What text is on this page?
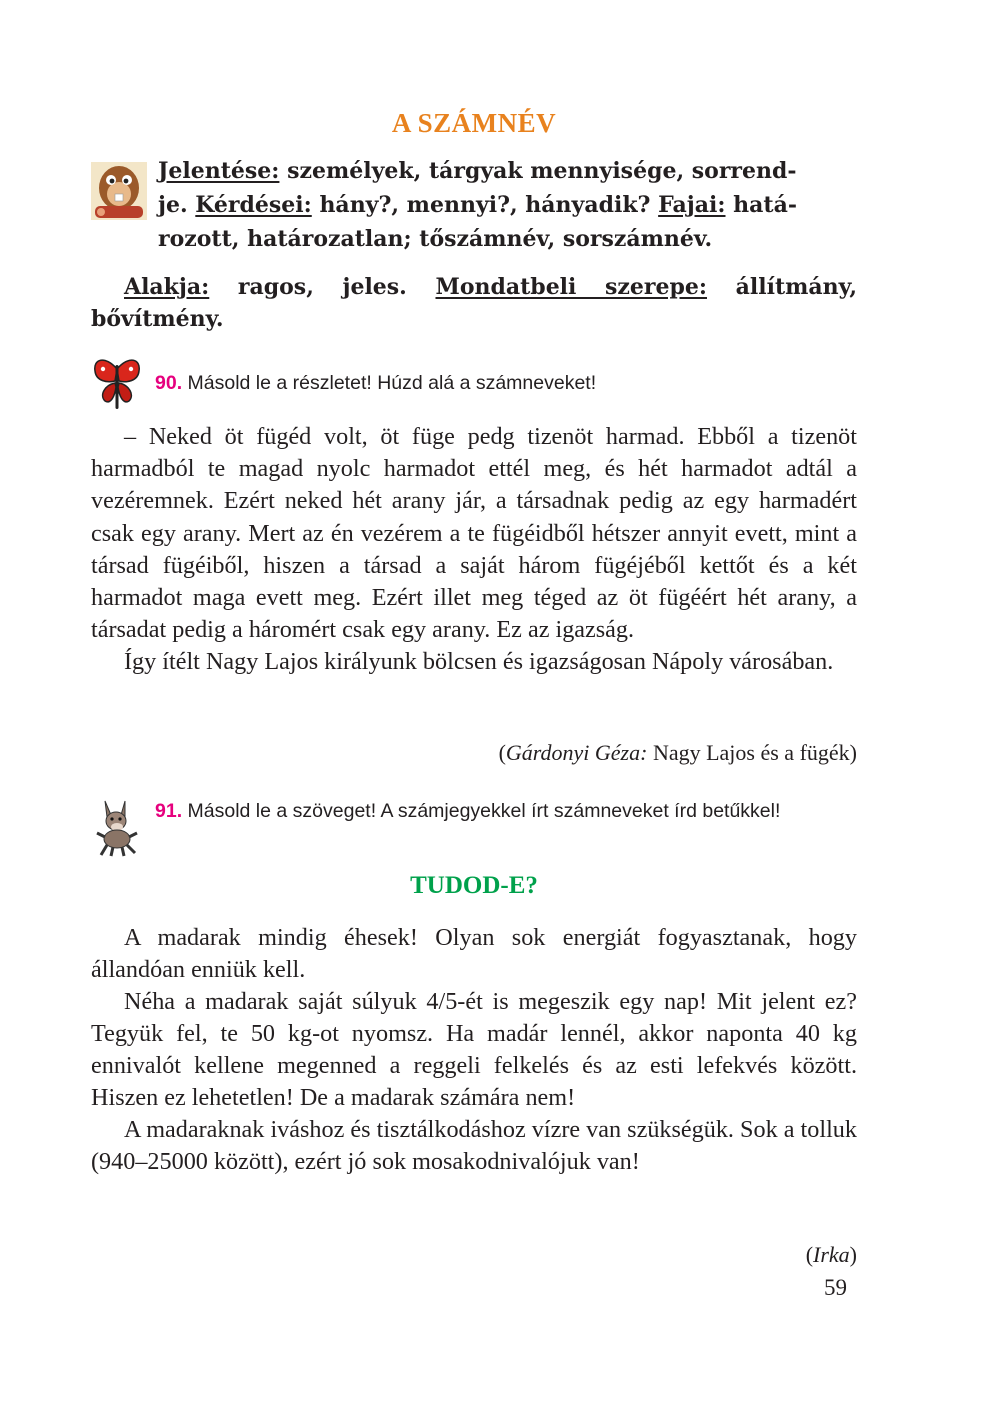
A SZÁMNÉV
Jelentése: személyek, tárgyak mennyisége, sorrend-
je. Kérdései: hány?, mennyi?, hányadik? Fajai: hatá-
rozott, határozatlan; tőszámnév, sorszámnév.
Alakja: ragos, jeles. Mondatbeli szerepe: állítmány, bővítmény.
90. Másold le a részletet! Húzd alá a számneveket!

– Neked öt fügéd volt, öt füge pedg tizenöt harmad. Ebből a tizenöt harmadból te magad nyolc harmadot ettél meg, és hét harmadot adtál a vezéremnek. Ezért neked hét arany jár, a társadnak pedig az egy harmadért csak egy arany. Mert az én vezérem a te fügéidből hétszer annyit evett, mint a társad fügéiből, hiszen a társad a saját három fügéjéből kettőt és a két harmadot maga evett meg. Ezért illet meg téged az öt fügéért hét arany, a társadat pedig a háromért csak egy arany. Ez az igazság.

Így ítélt Nagy Lajos királyunk bölcsen és igazságosan Nápoly városában.

(Gárdonyi Géza: Nagy Lajos és a fügék)
91. Másold le a szöveget! A számjegyekkel írt számneveket írd betűkkel!
TUDOD-E?

A madarak mindig éhesek! Olyan sok energiát fogyasztanak, hogy állandóan enniük kell.

Néha a madarak saját súlyuk 4/5-ét is megeszik egy nap! Mit jelent ez? Tegyük fel, te 50 kg-ot nyomsz. Ha madár lennél, akkor naponta 40 kg ennivalót kellene megenned a reggeli felkelés és az esti lefekvés között. Hiszen ez lehetetlen! De a madarak számára nem!

A madaraknak iváshoz és tisztálkodáshoz vízre van szükségük. Sok a tolluk (940–25000 között), ezért jó sok mosakodnivalójuk van!

(Irka)
59
